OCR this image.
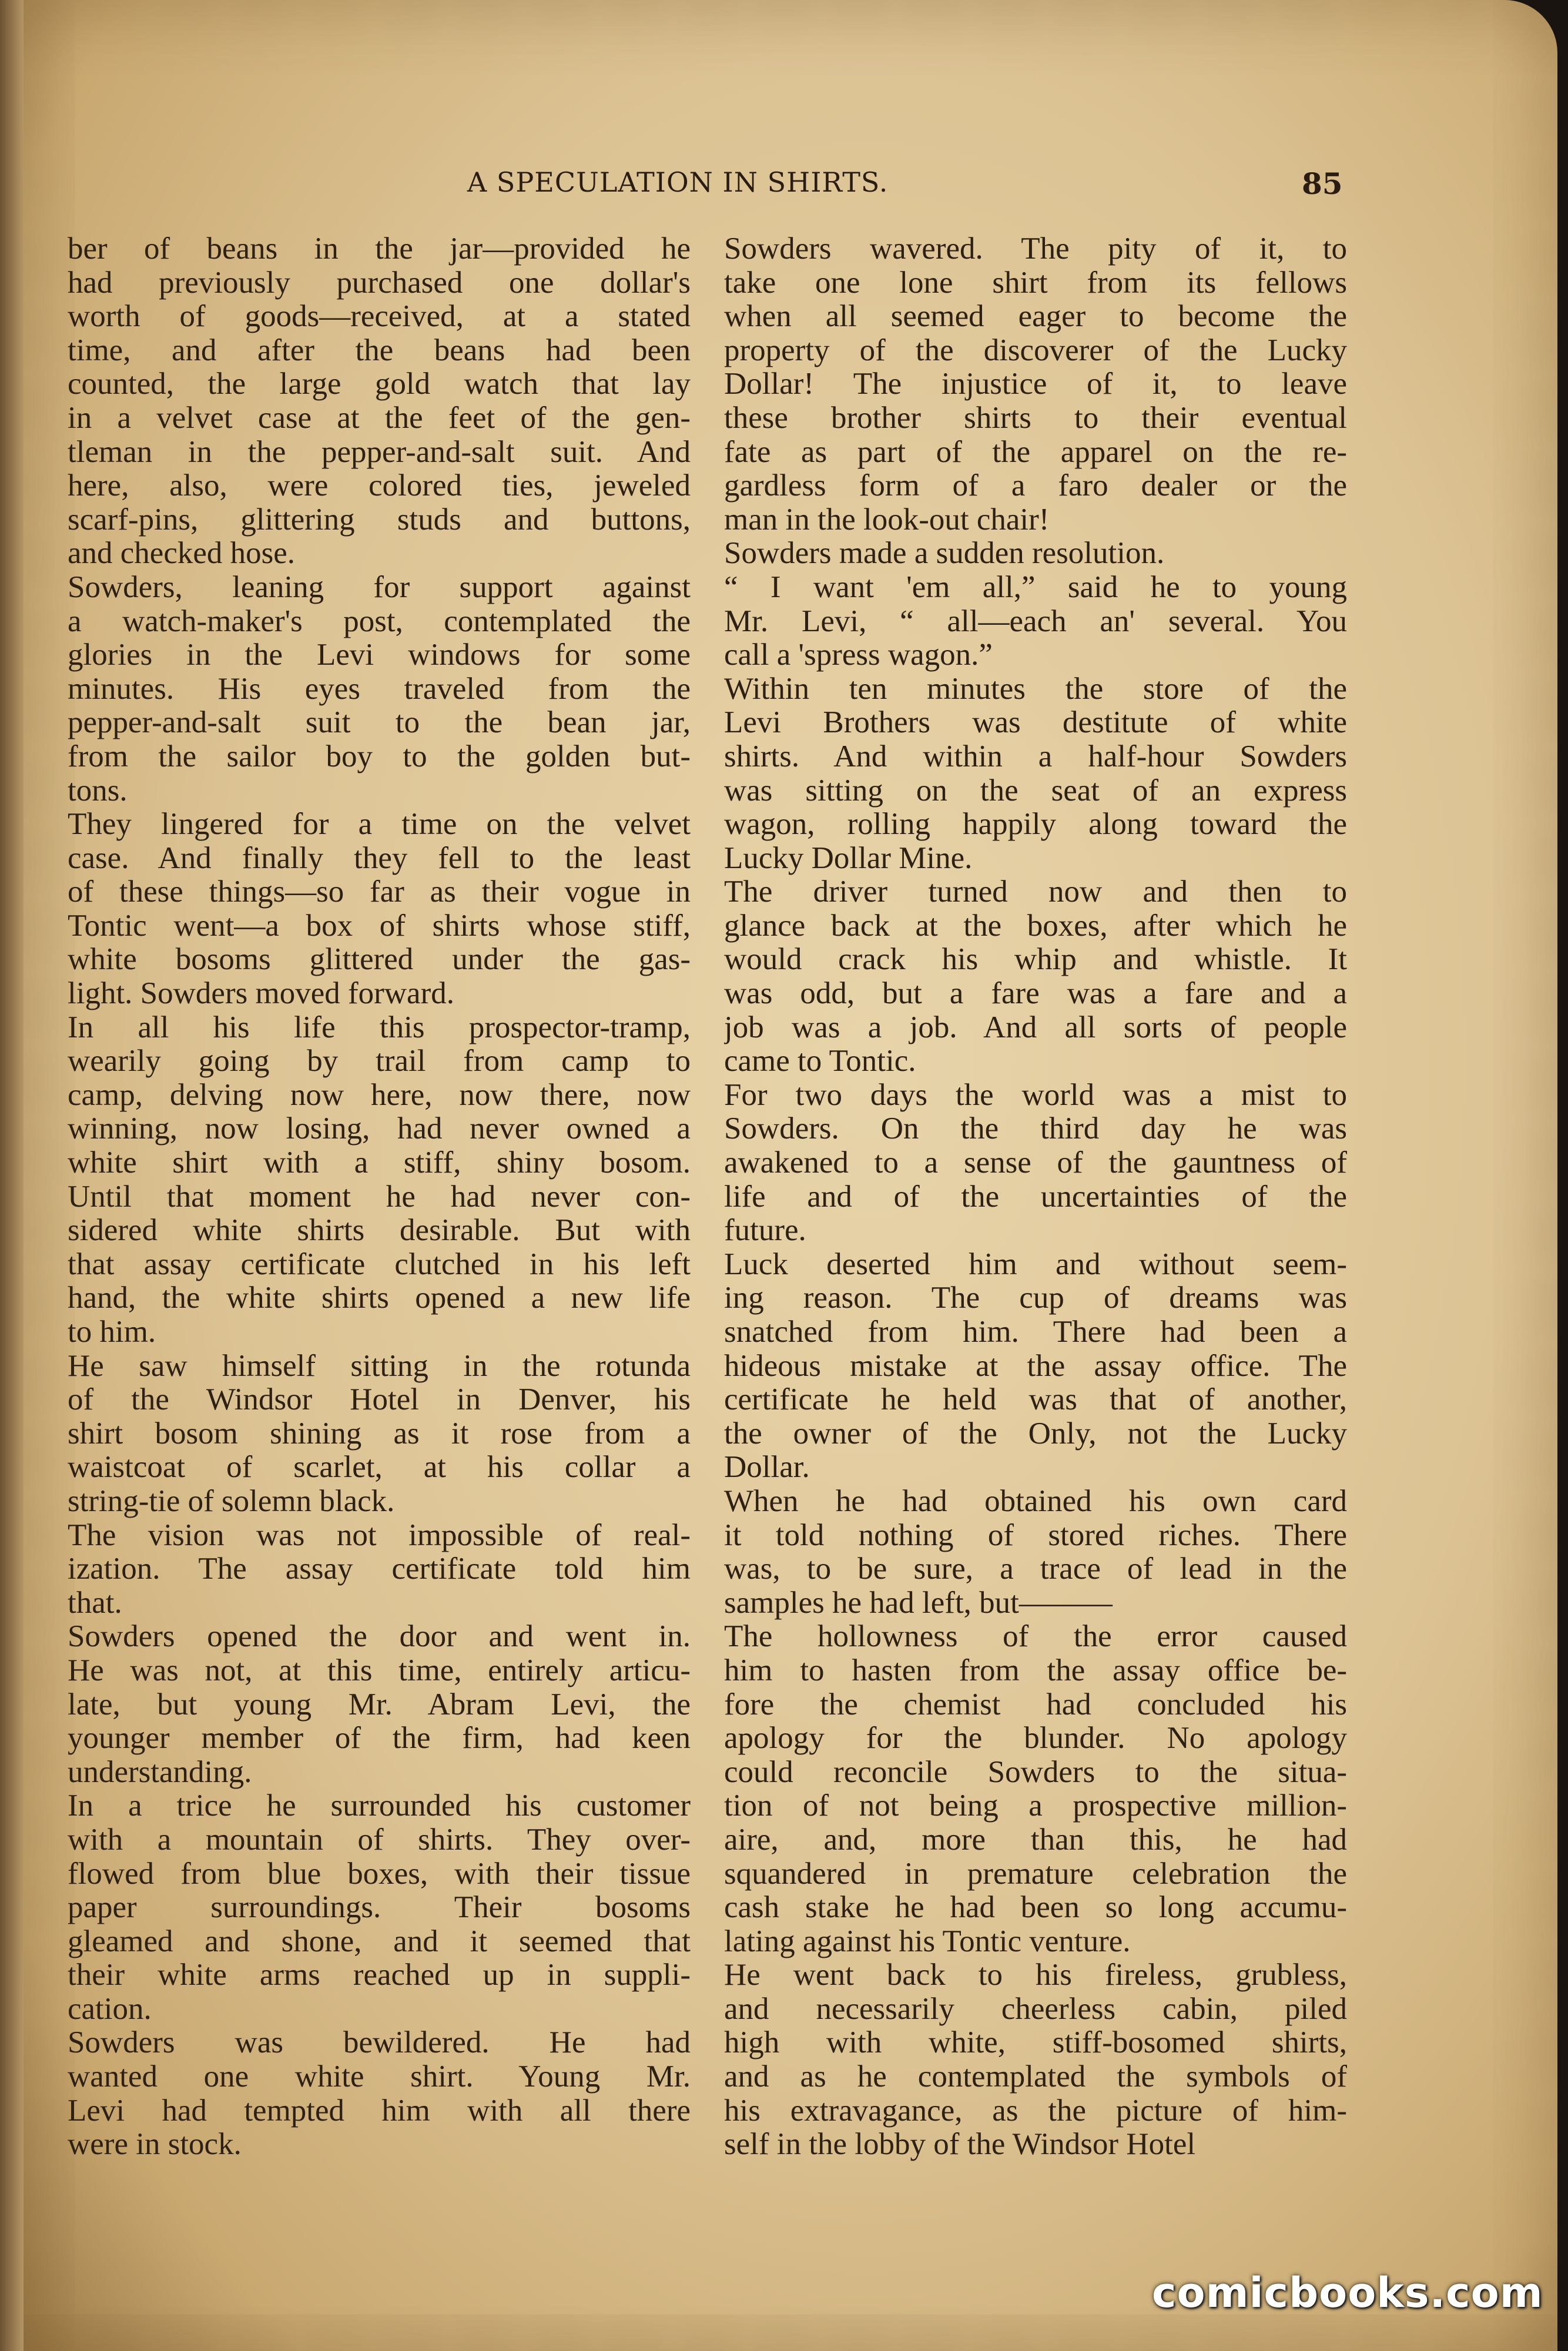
A SPECULATION IN SHIRTS.	85
ber of beans in the jar—provided he
had previously purchased one dollar's
worth of goods—received, at a stated
time, and after the beans had been
counted, the large gold watch that lay
in a velvet case at the feet of the gen-
tleman in the pepper-and-salt suit. And
here, also, were colored ties, jeweled
scarf-pins, glittering studs and buttons,
and checked hose.
Sowders, leaning for support against
a watch-maker's post, contemplated the
glories in the Levi windows for some
minutes. His eyes traveled from the
pepper-and-salt suit to the bean jar,
from the sailor boy to the golden but-
tons.
They lingered for a time on the velvet
case. And finally they fell to the least
of these things—so far as their vogue in
Tontic went—a box of shirts whose stiff,
white bosoms glittered under the gas-
light. Sowders moved forward.
In all his life this prospector-tramp,
wearily going by trail from camp to
camp, delving now here, now there, now
winning, now losing, had never owned a
white shirt with a stiff, shiny bosom.
Until that moment he had never con-
sidered white shirts desirable. But with
that assay certificate clutched in his left
hand, the white shirts opened a new life
to him.
He saw himself sitting in the rotunda
of the Windsor Hotel in Denver, his
shirt bosom shining as it rose from a
waistcoat of scarlet, at his collar a
string-tie of solemn black.
The vision was not impossible of real-
ization. The assay certificate told him
that.
Sowders opened the door and went in.
He was not, at this time, entirely articu-
late, but young Mr. Abram Levi, the
younger member of the firm, had keen
understanding.
In a trice he surrounded his customer
with a mountain of shirts. They over-
flowed from blue boxes, with their tissue
paper surroundings. Their bosoms
gleamed and shone, and it seemed that
their white arms reached up in suppli-
cation.
Sowders was bewildered. He had
wanted one white shirt. Young Mr.
Levi had tempted him with all there
were in stock.
Sowders wavered. The pity of it, to
take one lone shirt from its fellows
when all seemed eager to become the
property of the discoverer of the Lucky
Dollar! The injustice of it, to leave
these brother shirts to their eventual
fate as part of the apparel on the re-
gardless form of a faro dealer or the
man in the look-out chair!
Sowders made a sudden resolution.
“ I want 'em all,” said he to young
Mr. Levi, “ all—each an' several. You
call a 'spress wagon.”
Within ten minutes the store of the
Levi Brothers was destitute of white
shirts. And within a half-hour Sowders
was sitting on the seat of an express
wagon, rolling happily along toward the
Lucky Dollar Mine.
The driver turned now and then to
glance back at the boxes, after which he
would crack his whip and whistle. It
was odd, but a fare was a fare and a
job was a job. And all sorts of people
came to Tontic.
For two days the world was a mist to
Sowders. On the third day he was
awakened to a sense of the gauntness of
life and of the uncertainties of the
future.
Luck deserted him and without seem-
ing reason. The cup of dreams was
snatched from him. There had been a
hideous mistake at the assay office. The
certificate he held was that of another,
the owner of the Only, not the Lucky
Dollar.
When he had obtained his own card
it told nothing of stored riches. There
was, to be sure, a trace of lead in the
samples he had left, but———
The hollowness of the error caused
him to hasten from the assay office be-
fore the chemist had concluded his
apology for the blunder. No apology
could reconcile Sowders to the situa-
tion of not being a prospective million-
aire, and, more than this, he had
squandered in premature celebration the
cash stake he had been so long accumu-
lating against his Tontic venture.
He went back to his fireless, grubless,
and necessarily cheerless cabin, piled
high with white, stiff-bosomed shirts,
and as he contemplated the symbols of
his extravagance, as the picture of him-
self in the lobby of the Windsor Hotel
comicbooks.com
